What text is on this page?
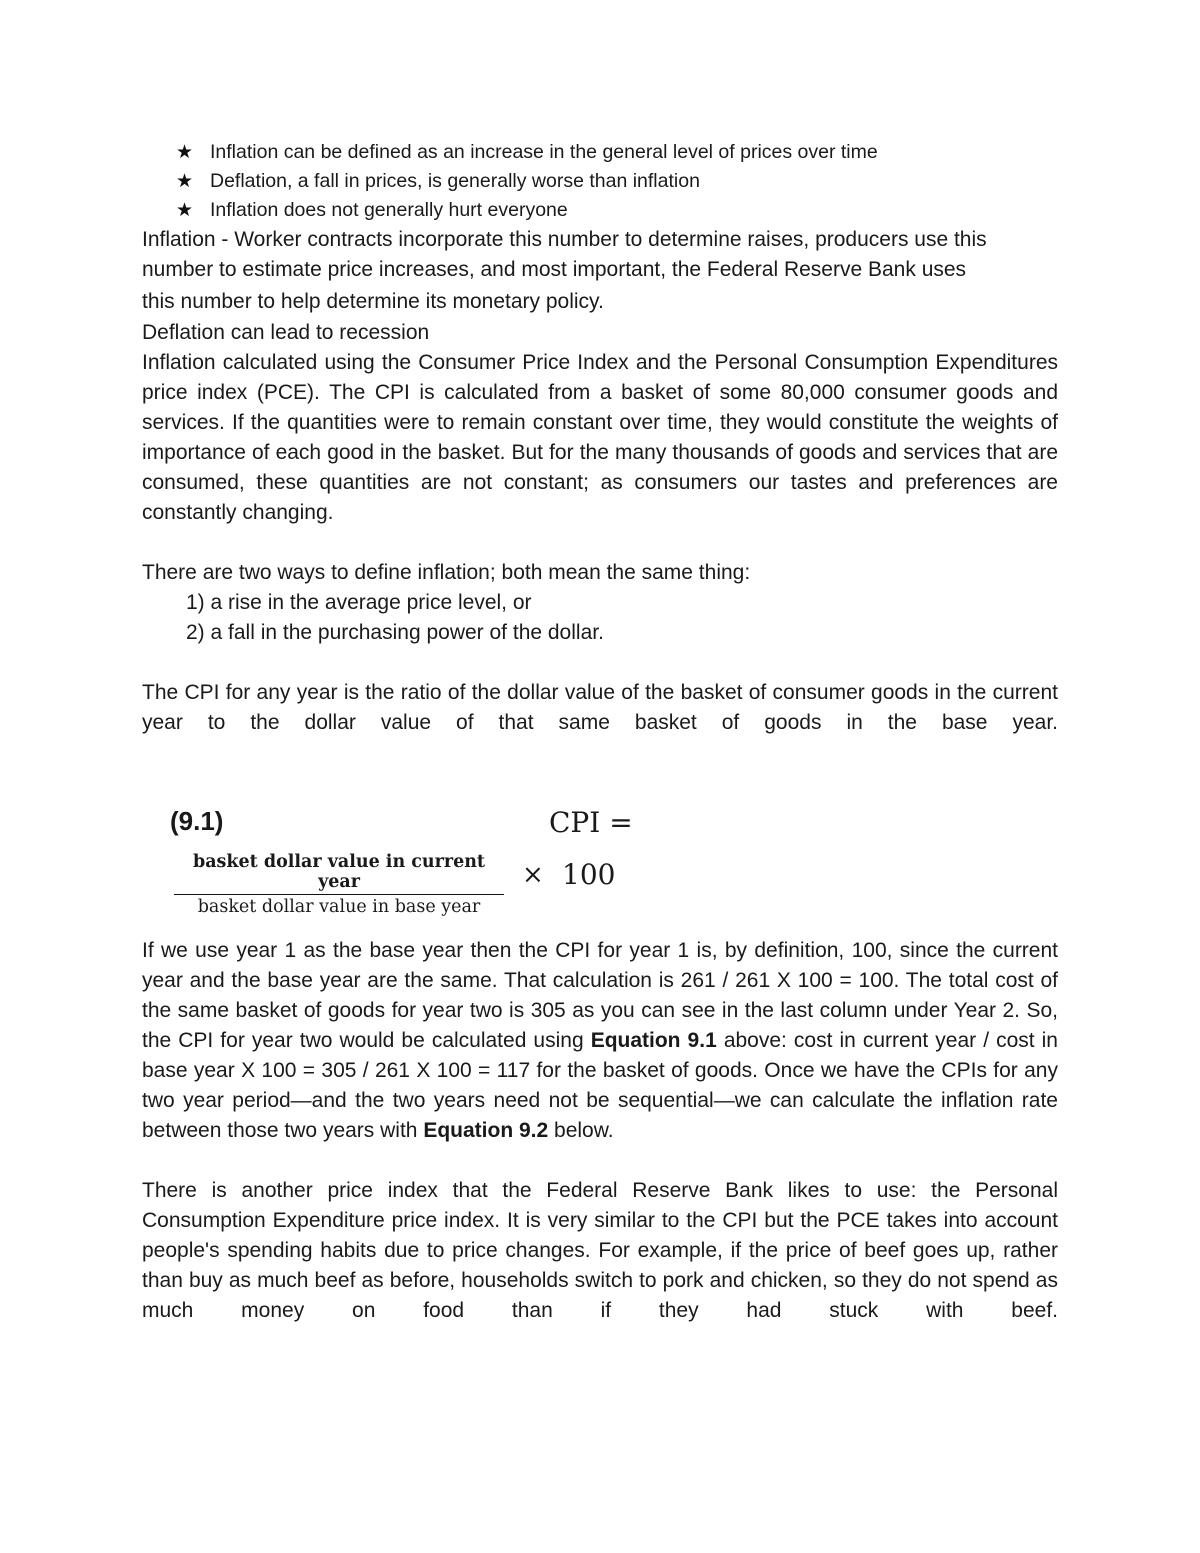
★ Inflation can be defined as an increase in the general level of prices over time
★ Deflation, a fall in prices, is generally worse than inflation
★ Inflation does not generally hurt everyone

Inflation - Worker contracts incorporate this number to determine raises, producers use this

number to estimate price increases, and most important, the Federal Reserve Bank uses

this number to help determine its monetary policy.

Deflation can lead to recession

Inflation calculated using the Consumer Price Index and the Personal Consumption Expenditures price index (PCE). The CPI is calculated from a basket of some 80,000 consumer goods and services. If the quantities were to remain constant over time, they would constitute the weights of importance of each good in the basket. But for the many thousands of goods and services that are consumed, these quantities are not constant; as consumers our tastes and preferences are constantly changing.

There are two ways to define inflation; both mean the same thing:

1) a rise in the average price level, or

2) a fall in the purchasing power of the dollar.

The CPI for any year is the ratio of the dollar value of the basket of consumer goods in the current year to the dollar value of that same basket of goods in the base year.

(9.1)	CPI =
basket dollar value in current year
basket dollar value in base year
× 100

If we use year 1 as the base year then the CPI for year 1 is, by definition, 100, since the current year and the base year are the same. That calculation is 261 / 261 X 100 = 100. The total cost of the same basket of goods for year two is 305 as you can see in the last column under Year 2. So, the CPI for year two would be calculated using Equation 9.1 above: cost in current year / cost in base year X 100 = 305 / 261 X 100 = 117 for the basket of goods. Once we have the CPIs for any two year period—and the two years need not be sequential—we can calculate the inflation rate between those two years with Equation 9.2 below.

There is another price index that the Federal Reserve Bank likes to use: the Personal Consumption Expenditure price index. It is very similar to the CPI but the PCE takes into account people's spending habits due to price changes. For example, if the price of beef goes up, rather than buy as much beef as before, households switch to pork and chicken, so they do not spend as much money on food than if they had stuck with beef.
